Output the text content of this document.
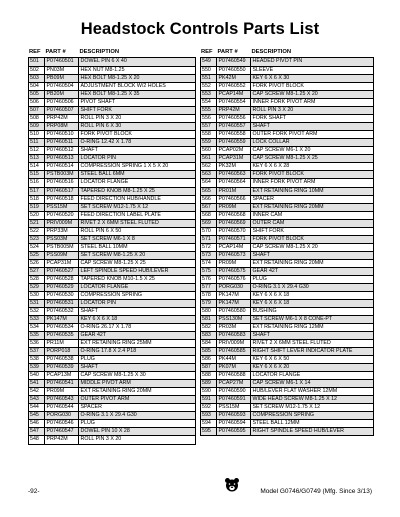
Headstock Controls Parts List
REF PART #	DESCRIPTION
501	P07460501	DOWEL PIN 6 X 40
502	PN03M	HEX NUT M8-1.25
503	PB09M	HEX BOLT M8-1.25 X 20
504	P07460504	ADJUSTMENT BLOCK W/2 HOLES
505	PB20M	HEX BOLT M8-1.25 X 35
506	P07460506	PIVOT SHAFT
507	P07460507	SHIFT FORK
508	PRP42M	ROLL PIN 3 X 20
509	PRP08M	ROLL PIN 6 X 30
510	P07460510	FORK PIVOT BLOCK
511	P07460511	O-RING 12.42 X 1.78
512	P07460512	SHAFT
513	P07460513	LOCATOR PIN
514	P07460514	COMPRESSION SPRING 1 X 5 X 20
515	PSTB003M	STEEL BALL 6MM
516	P07460516	LOCATOR FLANGE
517	P07460517	TAPERED KNOB M8-1.25 X 25
518	P07460518	FEED DIRECTION HUB/HANDLE
519	PSS15M	SET SCREW M12-1.75 X 12
520	P07460520	FEED DIRECTION LABEL PLATE
521	PRIV009M	RIVET 2 X 6MM STEEL FLUTED
522	PRP33M	ROLL PIN 6 X 50
523	PSS03M	SET SCREW M6-1 X 8
524	PSTB005M	STEEL BALL 10MM
525	PSS09M	SET SCREW M8-1.25 X 20
526	PCAP31M	CAP SCREW M8-1.25 X 25
527	P07460527	LEFT SPINDLE SPEED HUB/LEVER
528	P07460528	TAPERED KNOB M10-1.5 X 25
529	P07460529	LOCATOR FLANGE
530	P07460530	COMPRESSION SPRING
531	P07460531	LOCATOR PIN
532	P07460532	SHAFT
533	PK147M	KEY 6 X 6 X 18
534	P07460534	O-RING 26.17 X 1.78
535	P07460535	GEAR 42T
536	PR11M	EXT RETAINING RING 25MM
537	PORP018	O-RING 17.8 X 2.4 P18
538	P07460538	PLUG
539	P07460539	SHAFT
540	PCAP13M	CAP SCREW M8-1.25 X 30
541	P07460541	MIDDLE PIVOT ARM
542	PR09M	EXT RETAINING RING 20MM
543	P07460543	OUTER PIVOT ARM
544	P07460544	SPACER
545	PORG030	O-RING 3.1 X 29.4 G30
546	P07460546	PLUG
547	P07460547	DOWEL PIN 10 X 28
548	PRP42M	ROLL PIN 3 X 20
REF PART #	DESCRIPTION
549	P07460549	HEADED PIVOT PIN
550	P07460550	SLEEVE
551	PK42M	KEY 6 X 6 X 30
552	P07460552	FORK PIVOT BLOCK
553	PCAP14M	CAP SCREW M8-1.25 X 20
554	P07460554	INNER FORK PIVOT ARM
555	PRP42M	ROLL PIN 3 X 20
556	P07460556	FORK SHAFT
557	P07460557	SHAFT
558	P07460558	OUTER FORK PIVOT ARM
559	P07460559	LOCK COLLAR
560	PCAP02M	CAP SCREW M6-1 X 20
561	PCAP31M	CAP SCREW M8-1.25 X 25
562	PK32M	KEY 6 X 6 X 28
563	P07460563	FORK PIVOT BLOCK
564	P07460564	INNER FORK PIVOT ARM
565	PR01M	EXT RETAINING RING 10MM
566	P07460566	SPACER
567	PR09M	EXT RETAINING RING 20MM
568	P07460568	INNER CAM
569	P07460569	OUTER CAM
570	P07460570	SHIFT FORK
571	P07460571	FORK PIVOT BLOCK
572	PCAP14M	CAP SCREW M8-1.25 X 20
573	P07460573	SHAFT
574	PR09M	EXT RETAINING RING 20MM
575	P07460575	GEAR 42T
576	P07460576	PLUG
577	PORG030	O-RING 3.1 X 29.4 G30
578	PK147M	KEY 6 X 6 X 18
579	PK147M	KEY 6 X 6 X 18
580	P07460580	BUSHING
581	PSS130M	SET SCREW M6-1 X 8 CONE-PT
582	PR03M	EXT RETAINING RING 12MM
583	P07460583	SHAFT
584	PRIV009M	RIVET 2 X 6MM STEEL FLUTED
585	P07460585	RIGHT SHIFT LEVER INDICATOR PLATE
586	PK44M	KEY 6 X 6 X 50
587	PK07M	KEY 6 X 6 X 20
588	P07460588	LOCATOR FLANGE
589	PCAP27M	CAP SCREW M6-1 X 14
590	P07460590	HUB/LEVER FLAT WASHER 12MM
591	P07460591	WIDE HEAD SCREW M8-1.25 X 12
592	PSS15M	SET SCREW M12-1.75 X 12
593	P07460593	COMPRESSION SPRING
594	P07460594	STEEL BALL 12MM
595	P07460595	RIGHT SPINDLE SPEED HUB/LEVER
-92-	Model G0746/G0749 (Mfg. Since 3/13)
